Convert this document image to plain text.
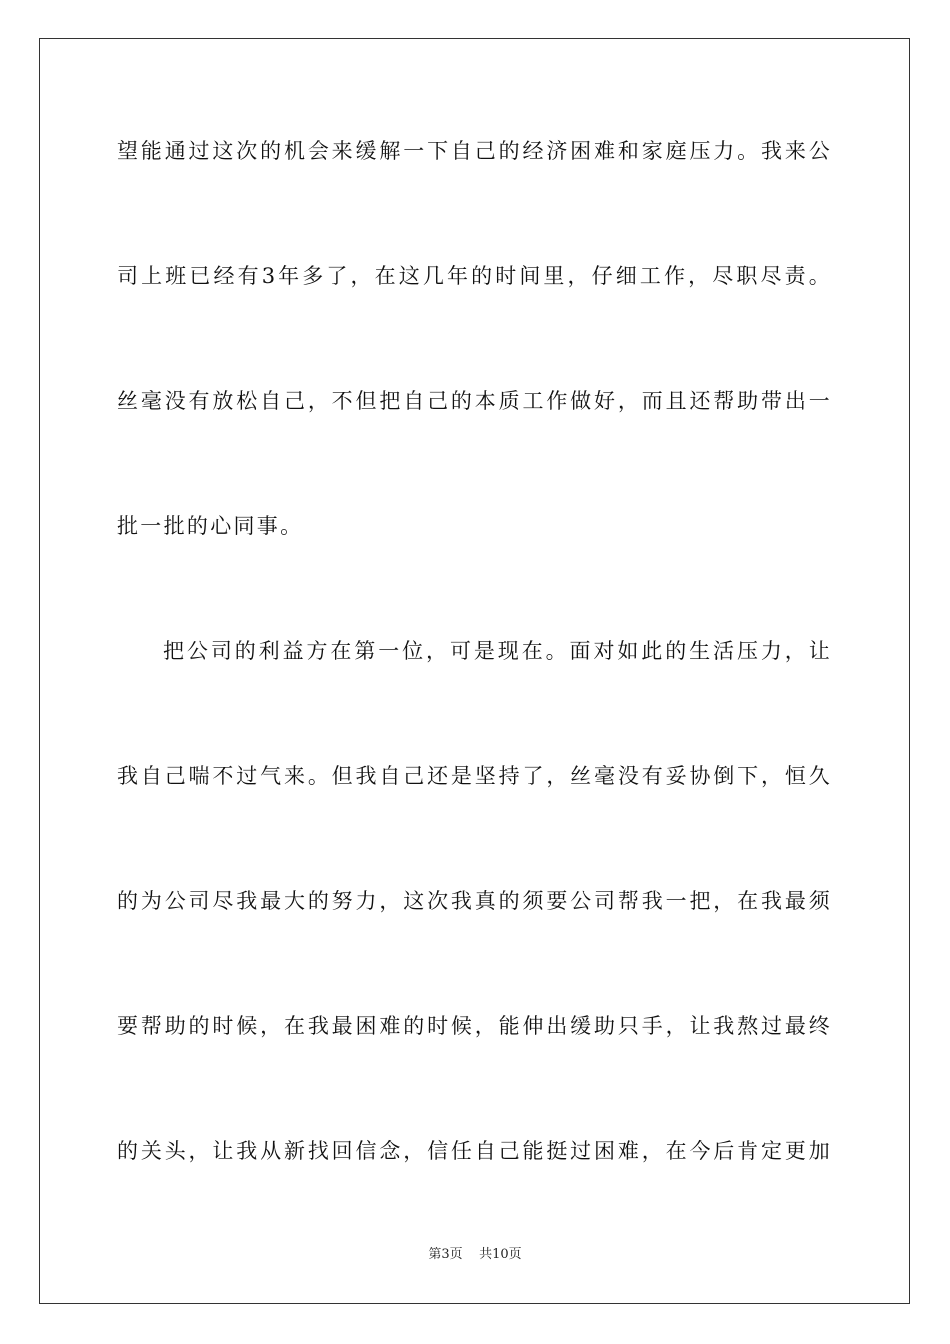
望能通过这次的机会来缓解一下自己的经济困难和家庭压力。我来公
司上班已经有3年多了，在这几年的时间里，仔细工作，尽职尽责。
丝毫没有放松自己，不但把自己的本质工作做好，而且还帮助带出一
批一批的心同事。
把公司的利益方在第一位，可是现在。面对如此的生活压力，让
我自己喘不过气来。但我自己还是坚持了，丝毫没有妥协倒下，恒久
的为公司尽我最大的努力，这次我真的须要公司帮我一把，在我最须
要帮助的时候，在我最困难的时候，能伸出缓助只手，让我熬过最终
的关头，让我从新找回信念，信任自己能挺过困难，在今后肯定更加
第3页 共10页
